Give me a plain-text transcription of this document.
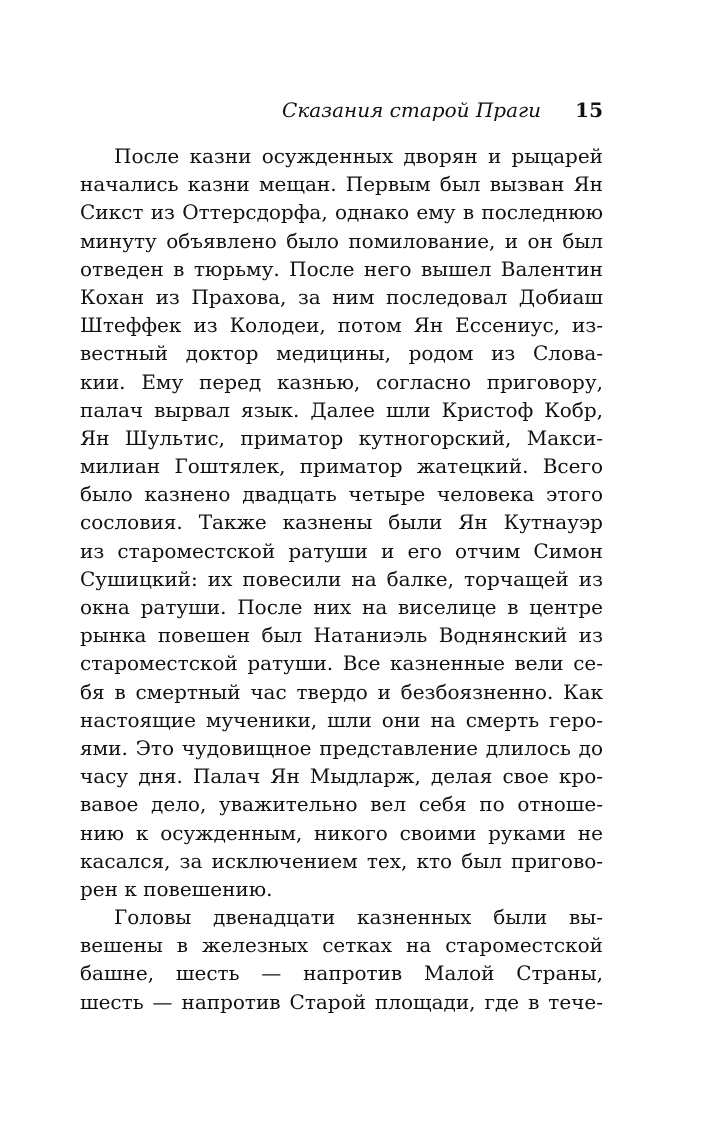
Сказания старой Праги 15

После казни осужденных дворян и рыцарей
начались казни мещан. Первым был вызван Ян
Сикст из Оттерсдорфа, однако ему в последнюю
минуту объявлено было помилование, и он был
отведен в тюрьму. После него вышел Валентин
Кохан из Прахова, за ним последовал Добиаш
Штеффек из Колодеи, потом Ян Ессениус, из-
вестный доктор медицины, родом из Слова-
кии. Ему перед казнью, согласно приговору,
палач вырвал язык. Далее шли Кристоф Кобр,
Ян Шультис, приматор кутногорский, Макси-
милиан Гоштялек, приматор жатецкий. Всего
было казнено двадцать четыре человека этого
сословия. Также казнены были Ян Кутнауэр
из староместской ратуши и его отчим Симон
Сушицкий: их повесили на балке, торчащей из
окна ратуши. После них на виселице в центре
рынка повешен был Натаниэль Воднянский из
староместской ратуши. Все казненные вели се-
бя в смертный час твердо и безбоязненно. Как
настоящие мученики, шли они на смерть геро-
ями. Это чудовищное представление длилось до
часу дня. Палач Ян Мыдларж, делая свое кро-
вавое дело, уважительно вел себя по отноше-
нию к осужденным, никого своими руками не
касался, за исключением тех, кто был пригово-
рен к повешению.

Головы двенадцати казненных были вы-
вешены в железных сетках на староместской
башне, шесть — напротив Малой Страны,
шесть — напротив Старой площади, где в тече-
